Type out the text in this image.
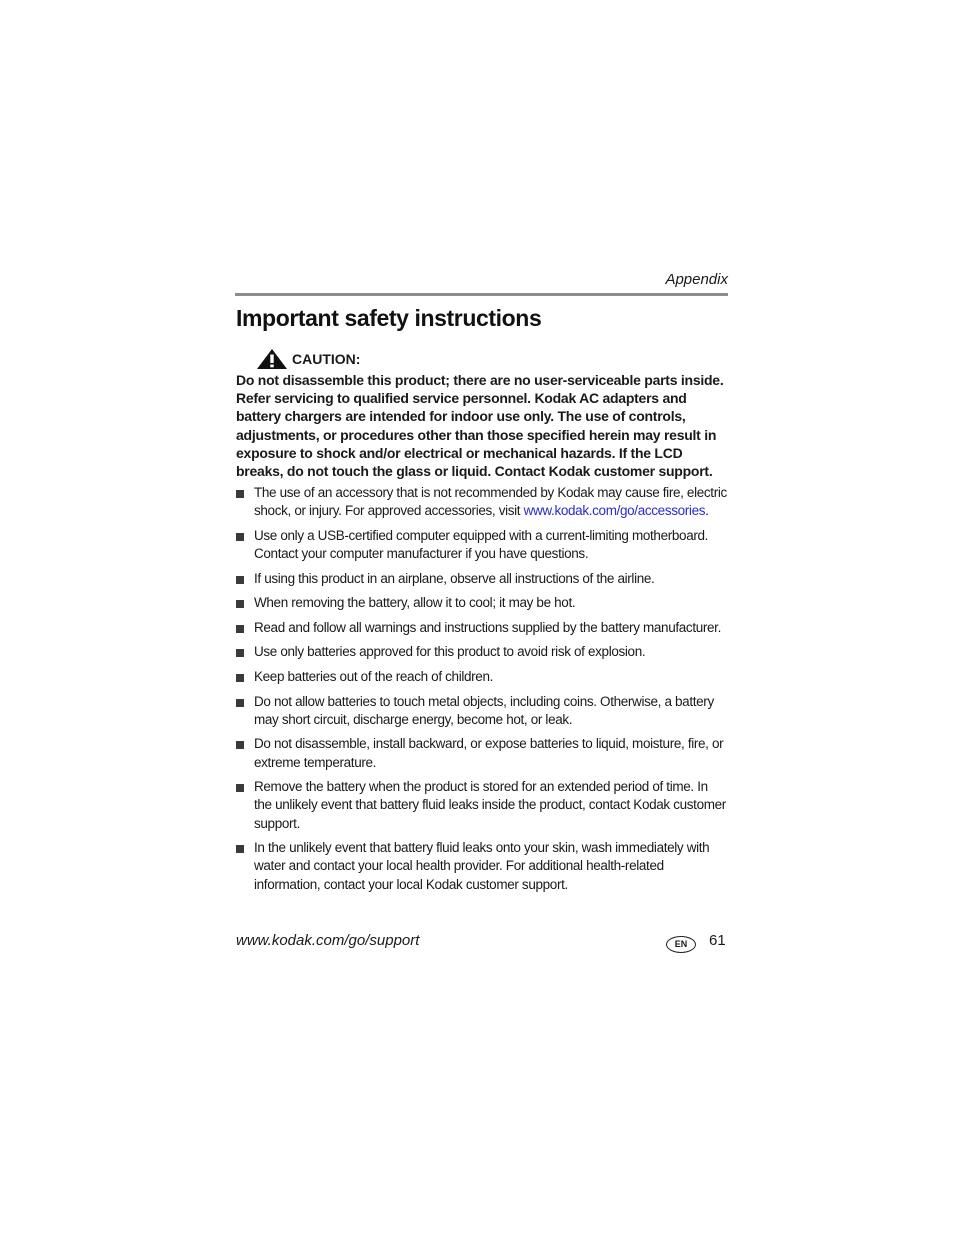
Appendix
Important safety instructions
CAUTION:
Do not disassemble this product; there are no user-serviceable parts inside. Refer servicing to qualified service personnel. Kodak AC adapters and battery chargers are intended for indoor use only. The use of controls, adjustments, or procedures other than those specified herein may result in exposure to shock and/or electrical or mechanical hazards. If the LCD breaks, do not touch the glass or liquid. Contact Kodak customer support.
The use of an accessory that is not recommended by Kodak may cause fire, electric shock, or injury. For approved accessories, visit www.kodak.com/go/accessories.
Use only a USB-certified computer equipped with a current-limiting motherboard. Contact your computer manufacturer if you have questions.
If using this product in an airplane, observe all instructions of the airline.
When removing the battery, allow it to cool; it may be hot.
Read and follow all warnings and instructions supplied by the battery manufacturer.
Use only batteries approved for this product to avoid risk of explosion.
Keep batteries out of the reach of children.
Do not allow batteries to touch metal objects, including coins. Otherwise, a battery may short circuit, discharge energy, become hot, or leak.
Do not disassemble, install backward, or expose batteries to liquid, moisture, fire, or extreme temperature.
Remove the battery when the product is stored for an extended period of time. In the unlikely event that battery fluid leaks inside the product, contact Kodak customer support.
In the unlikely event that battery fluid leaks onto your skin, wash immediately with water and contact your local health provider. For additional health-related information, contact your local Kodak customer support.
www.kodak.com/go/support	EN	61
